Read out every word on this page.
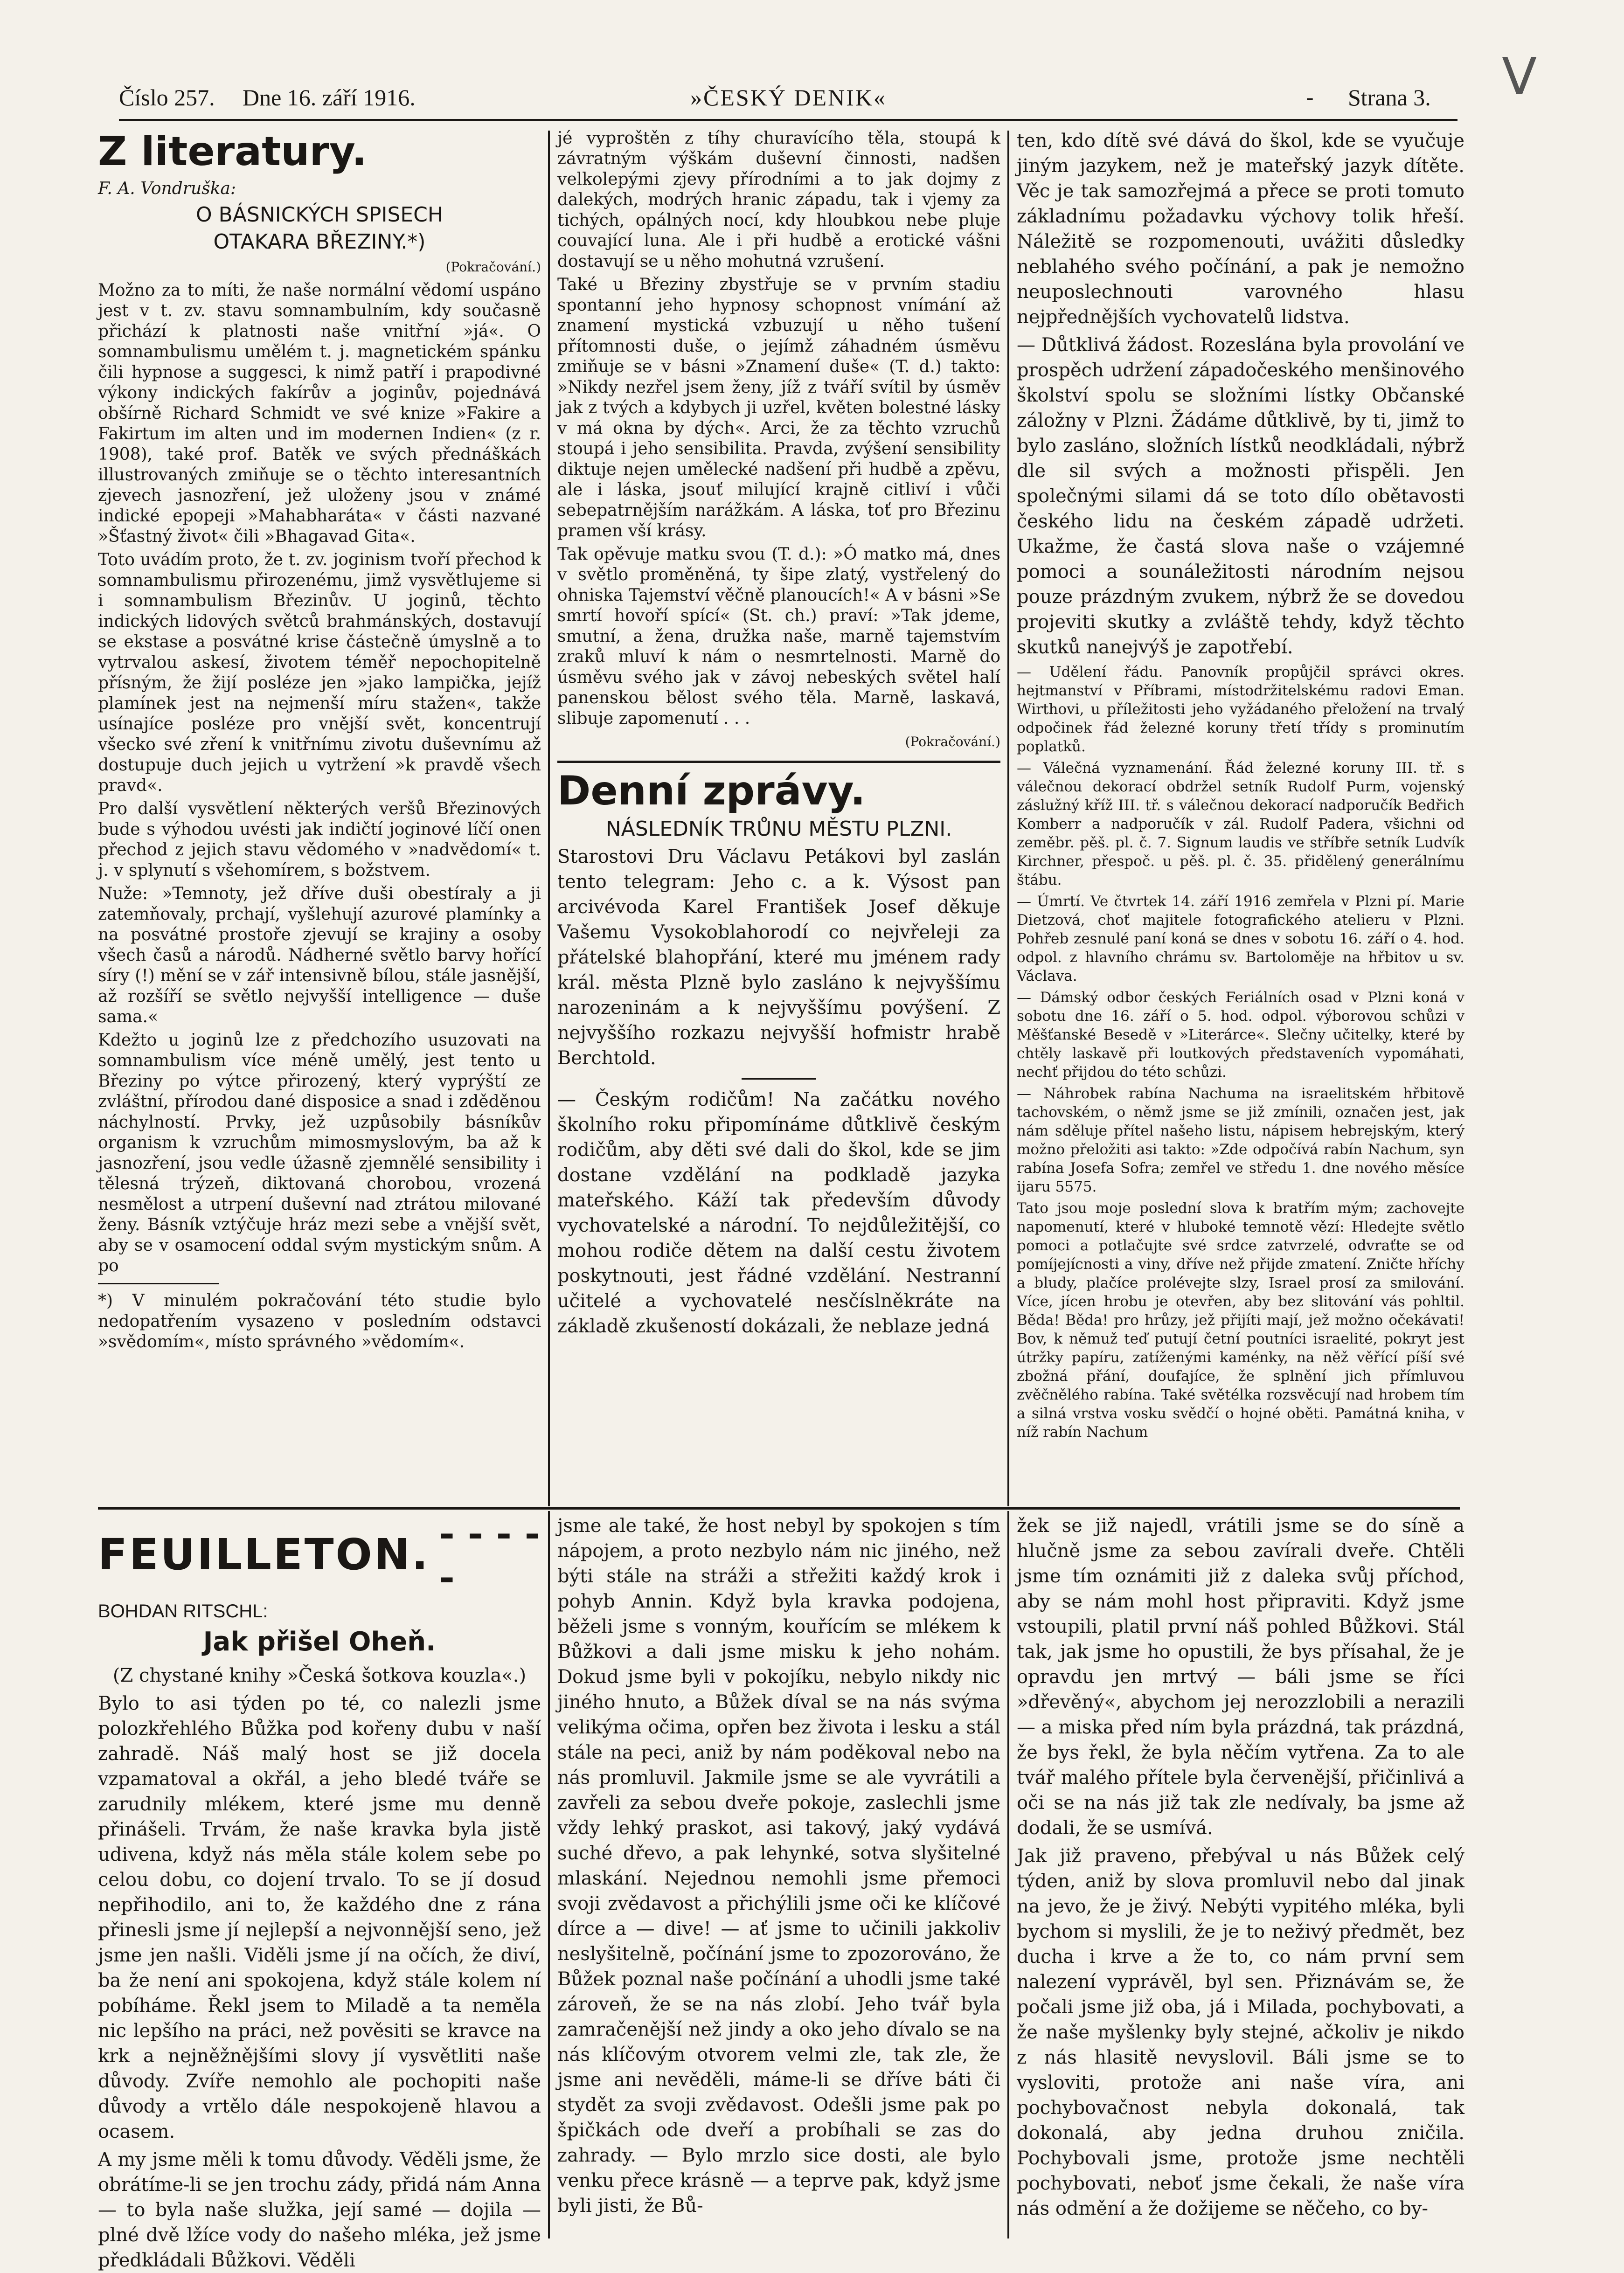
Číslo 257. Dne 16. září 1916.	»ČESKÝ DENIK«	Strana 3.
-	V
Z literatury.

F. A. Vondruška:

O BÁSNICKÝCH SPISECH
OTAKARA BŘEZINY.*)

(Pokračování.)

Možno za to míti, že naše normální vědomí uspáno jest v t. zv. stavu somnambulním, kdy současně přichází k platnosti naše vnitřní »já«. O somnambulismu umělém t. j. magnetickém spánku čili hypnose a suggesci, k nimž patří i prapodivné výkony indických fakírův a joginův, pojednává obšírně Richard Schmidt ve své knize »Fakire a Fakirtum im alten und im modernen Indien« (z r. 1908), také prof. Batěk ve svých přednáškách illustrovaných zmiňuje se o těchto interesantních zjevech jasnozření, jež uloženy jsou v známé indické epopeji »Mahabharáta« v části nazvané »Šťastný život« čili »Bhagavad Gita«.

Toto uvádím proto, že t. zv. joginism tvoří přechod k somnambulismu přirozenému, jimž vysvětlujeme si i somnambulism Březinův. U joginů, těchto indických lidových světců brahmánských, dostavují se ekstase a posvátné krise částečně úmyslně a to vytrvalou askesí, životem téměř nepochopitelně přísným, že žijí posléze jen »jako lampička, jejíž plamínek jest na nejmenší míru stažen«, takže usínajíce posléze pro vnější svět, koncentrují všecko své zření k vnitřnímu zivotu duševnímu až dostupuje duch jejich u vytržení »k pravdě všech pravd«.

Pro další vysvětlení některých veršů Březinových bude s výhodou uvésti jak indičtí joginové líčí onen přechod z jejich stavu vědomého v »nadvědomí« t. j. v splynutí s všehomírem, s božstvem.

Nuže: »Temnoty, jež dříve duši obestíraly a ji zatemňovaly, prchají, vyšlehují azurové plamínky a na posvátné prostoře zjevují se krajiny a osoby všech časů a národů. Nádherné světlo barvy hořící síry (!) mění se v zář intensivně bílou, stále jasnější, až rozšíří se světlo nejvyšší intelligence — duše sama.«

Kdežto u joginů lze z předchozího usuzovati na somnambulism více méně umělý, jest tento u Březiny po výtce přirozený, který vyprýští ze zvláštní, přírodou dané disposice a snad i zděděnou náchylností. Prvky, jež uzpůsobily básníkův organism k vzruchům mimosmyslovým, ba až k jasnozření, jsou vedle úžasně zjemnělé sensibility i tělesná trýzeň, diktovaná chorobou, vrozená nesmělost a utrpení duševní nad ztrátou milované ženy. Básník vztýčuje hráz mezi sebe a vnější svět, aby se v osamocení oddal svým mystickým snům. A po

*) V minulém pokračování této studie bylo nedopatřením vysazeno v posledním odstavci »svědomím«, místo správného »vědomím«.

jé vyproštěn z tíhy churavícího těla, stoupá k závratným výškám duševní činnosti, nadšen velkolepými zjevy přírodními a to jak dojmy z dalekých, modrých hranic západu, tak i vjemy za tichých, opálných nocí, kdy hloubkou nebe pluje couvající luna. Ale i při hudbě a erotické vášni dostavují se u něho mohutná vzrušení.

Také u Březiny zbystřuje se v prvním stadiu spontanní jeho hypnosy schopnost vnímání až znamení mystická vzbuzují u něho tušení přítomnosti duše, o jejímž záhadném úsměvu zmiňuje se v básni »Znamení duše« (T. d.) takto: »Nikdy nezřel jsem ženy, jíž z tváří svítil by úsměv jak z tvých a kdybych ji uzřel, květen bolestné lásky v má okna by dých«. Arci, že za těchto vzruchů stoupá i jeho sensibilita. Pravda, zvýšení sensibility diktuje nejen umělecké nadšení při hudbě a zpěvu, ale i láska, jsouť milující krajně citliví i vůči sebepatrnějším narážkám. A láska, toť pro Březinu pramen vší krásy.

Tak opěvuje matku svou (T. d.): »Ó matko má, dnes v světlo proměněná, ty šipe zlatý, vystřelený do ohniska Tajemství věčně planoucích!« A v básni »Se smrtí hovoří spící« (St. ch.) praví: »Tak jdeme, smutní, a žena, družka naše, marně tajemstvím zraků mluví k nám o nesmrtelnosti. Marně do úsměvu svého jak v závoj nebeských světel halí panenskou bělost svého těla. Marně, laskavá, slibuje zapomenutí . . .

(Pokračování.)

Denní zprávy.
NÁSLEDNÍK TRŮNU MĚSTU PLZNI.

Starostovi Dru Václavu Petákovi byl zaslán tento telegram: Jeho c. a k. Výsost pan arcivévoda Karel František Josef děkuje Vašemu Vysokoblahorodí co nejvřeleji za přátelské blahopřání, které mu jménem rady král. města Plzně bylo zasláno k nejvyššímu narozeninám a k nejvyššímu povýšení. Z nejvyššího rozkazu nejvyšší hofmistr hrabě Berchtold.

— Českým rodičům! Na začátku nového školního roku připomínáme důtklivě českým rodičům, aby děti své dali do škol, kde se jim dostane vzdělání na podkladě jazyka mateřského. Káží tak především důvody vychovatelské a národní. To nejdůležitější, co mohou rodiče dětem na další cestu životem poskytnouti, jest řádné vzdělání. Nestranní učitelé a vychovatelé nesčíslněkráte na základě zkušeností dokázali, že neblaze jedná

ten, kdo dítě své dává do škol, kde se vyučuje jiným jazykem, než je mateřský jazyk dítěte. Věc je tak samozřejmá a přece se proti tomuto základnímu požadavku výchovy tolik hřeší. Náležitě se rozpomenouti, uvážiti důsledky neblahého svého počínání, a pak je nemožno neuposlechnouti varovného hlasu nejpřednějších vychovatelů lidstva.

— Důtklivá žádost. Rozeslána byla provolání ve prospěch udržení západočeského menšinového školství spolu se složními lístky Občanské záložny v Plzni. Žádáme důtklivě, by ti, jimž to bylo zasláno, složních lístků neodkládali, nýbrž dle sil svých a možnosti přispěli. Jen společnými silami dá se toto dílo obětavosti českého lidu na českém západě udržeti. Ukažme, že častá slova naše o vzájemné pomoci a sounáležitosti národním nejsou pouze prázdným zvukem, nýbrž že se dovedou projeviti skutky a zvláště tehdy, když těchto skutků nanejvýš je zapotřebí.

— Udělení řádu. Panovník propůjčil správci okres. hejtmanství v Příbrami, místodržitelskému radovi Eman. Wirthovi, u příležitosti jeho vyžádaného přeložení na trvalý odpočinek řád železné koruny třetí třídy s prominutím poplatků.

— Válečná vyznamenání. Řád železné koruny III. tř. s válečnou dekorací obdržel setník Rudolf Purm, vojenský záslužný kříž III. tř. s válečnou dekorací nadporučík Bedřich Komberr a nadporučík v zál. Rudolf Padera, všichni od zeměbr. pěš. pl. č. 7. Signum laudis ve stříbře setník Ludvík Kirchner, přespoč. u pěš. pl. č. 35. přidělený generálnímu štábu.

— Úmrtí. Ve čtvrtek 14. září 1916 zemřela v Plzni pí. Marie Dietzová, choť majitele fotografického atelieru v Plzni. Pohřeb zesnulé paní koná se dnes v sobotu 16. září o 4. hod. odpol. z hlavního chrámu sv. Bartoloměje na hřbitov u sv. Václava.

— Dámský odbor českých Feriálních osad v Plzni koná v sobotu dne 16. září o 5. hod. odpol. výborovou schůzi v Měšťanské Besedě v »Literárce«. Slečny učitelky, které by chtěly laskavě při loutkových představeních vypomáhati, nechť přijdou do této schůzi.

— Náhrobek rabína Nachuma na israelitském hřbitově tachovském, o němž jsme se již zmínili, označen jest, jak nám sděluje přítel našeho listu, nápisem hebrejským, který možno přeložiti asi takto: »Zde odpočívá rabín Nachum, syn rabína Josefa Sofra; zemřel ve středu 1. dne nového měsíce ijaru 5575.

Tato jsou moje poslední slova k bratřím mým; zachovejte napomenutí, které v hluboké temnotě vězí: Hledejte světlo pomoci a potlačujte své srdce zatvrzelé, odvraťte se od pomíjejícnosti a viny, dříve než přijde zmatení. Zničte hříchy a bludy, plačíce prolévejte slzy, Israel prosí za smilování. Více, jícen hrobu je otevřen, aby bez slitování vás pohltil. Běda! Běda! pro hrůzy, jež přijíti mají, jež možno očekávati! Bov, k němuž teď putují četní poutníci israelité, pokryt jest útržky papíru, zatíženými kaménky, na něž věřící píší své zbožná přání, doufajíce, že splnění jich přímluvou zvěčnělého rabína. Také světélka rozsvěcují nad hrobem tím a silná vrstva vosku svědčí o hojné oběti. Památná kniha, v níž rabín Nachum

FEUILLETON. - - - - -

BOHDAN RITSCHL:

Jak přišel Oheň.

(Z chystané knihy »Česká šotkova kouzla«.)

Bylo to asi týden po té, co nalezli jsme polozkřehlého Bůžka pod kořeny dubu v naší zahradě. Náš malý host se již docela vzpamatoval a okřál, a jeho bledé tváře se zarudnily mlékem, které jsme mu denně přinášeli. Trvám, že naše kravka byla jistě udivena, když nás měla stále kolem sebe po celou dobu, co dojení trvalo. To se jí dosud nepřihodilo, ani to, že každého dne z rána přinesli jsme jí nejlepší a nejvonnější seno, jež jsme jen našli. Viděli jsme jí na očích, že diví, ba že není ani spokojena, když stále kolem ní pobíháme. Řekl jsem to Miladě a ta neměla nic lepšího na práci, než pověsiti se kravce na krk a nejněžnějšími slovy jí vysvětliti naše důvody. Zvíře nemohlo ale pochopiti naše důvody a vrtělo dále nespokojeně hlavou a ocasem.

A my jsme měli k tomu důvody. Věděli jsme, že obrátíme-li se jen trochu zády, přidá nám Anna — to byla naše služka, její samé — dojila — plné dvě lžíce vody do našeho mléka, jež jsme předkládali Bůžkovi. Věděli

jsme ale také, že host nebyl by spokojen s tím nápojem, a proto nezbylo nám nic jiného, než býti stále na stráži a střežiti každý krok i pohyb Annin. Když byla kravka podojena, běželi jsme s vonným, kouřícím se mlékem k Bůžkovi a dali jsme misku k jeho nohám. Dokud jsme byli v pokojíku, nebylo nikdy nic jiného hnuto, a Bůžek díval se na nás svýma velikýma očima, opřen bez života i lesku a stál stále na peci, aniž by nám poděkoval nebo na nás promluvil. Jakmile jsme se ale vyvrátili a zavřeli za sebou dveře pokoje, zaslechli jsme vždy lehký praskot, asi takový, jaký vydává suché dřevo, a pak lehynké, sotva slyšitelné mlaskání. Nejednou nemohli jsme přemoci svoji zvědavost a přichýlili jsme oči ke klíčové dírce a — dive! — ať jsme to učinili jakkoliv neslyšitelně, počínání jsme to zpozorováno, že Bůžek poznal naše počínání a uhodli jsme také zároveň, že se na nás zlobí. Jeho tvář byla zamračenější než jindy a oko jeho dívalo se na nás klíčovým otvorem velmi zle, tak zle, že jsme ani nevěděli, máme-li se dříve báti či stydět za svoji zvědavost. Odešli jsme pak po špičkách ode dveří a probíhali se zas do zahrady. — Bylo mrzlo sice dosti, ale bylo venku přece krásně — a teprve pak, když jsme byli jisti, že Bů-

žek se již najedl, vrátili jsme se do síně a hlučně jsme za sebou zavírali dveře. Chtěli jsme tím oznámiti již z daleka svůj příchod, aby se nám mohl host připraviti. Když jsme vstoupili, platil první náš pohled Bůžkovi. Stál tak, jak jsme ho opustili, že bys přísahal, že je opravdu jen mrtvý — báli jsme se říci »dřevěný«, abychom jej nerozzlobili a nerazili — a miska před ním byla prázdná, tak prázdná, že bys řekl, že byla něčím vytřena. Za to ale tvář malého přítele byla červenější, přičinlivá a oči se na nás již tak zle nedívaly, ba jsme až dodali, že se usmívá.

Jak již praveno, přebýval u nás Bůžek celý týden, aniž by slova promluvil nebo dal jinak na jevo, že je živý. Nebýti vypitého mléka, byli bychom si myslili, že je to neživý předmět, bez ducha i krve a že to, co nám první sem nalezení vyprávěl, byl sen. Přiznávám se, že počali jsme již oba, já i Milada, pochybovati, a že naše myšlenky byly stejné, ačkoliv je nikdo z nás hlasitě nevyslovil. Báli jsme se to vysloviti, protože ani naše víra, ani pochybovačnost nebyla dokonalá, tak dokonalá, aby jedna druhou zničila. Pochybovali jsme, protože jsme nechtěli pochybovati, neboť jsme čekali, že naše víra nás odmění a že dožijeme se něčeho, co by-
